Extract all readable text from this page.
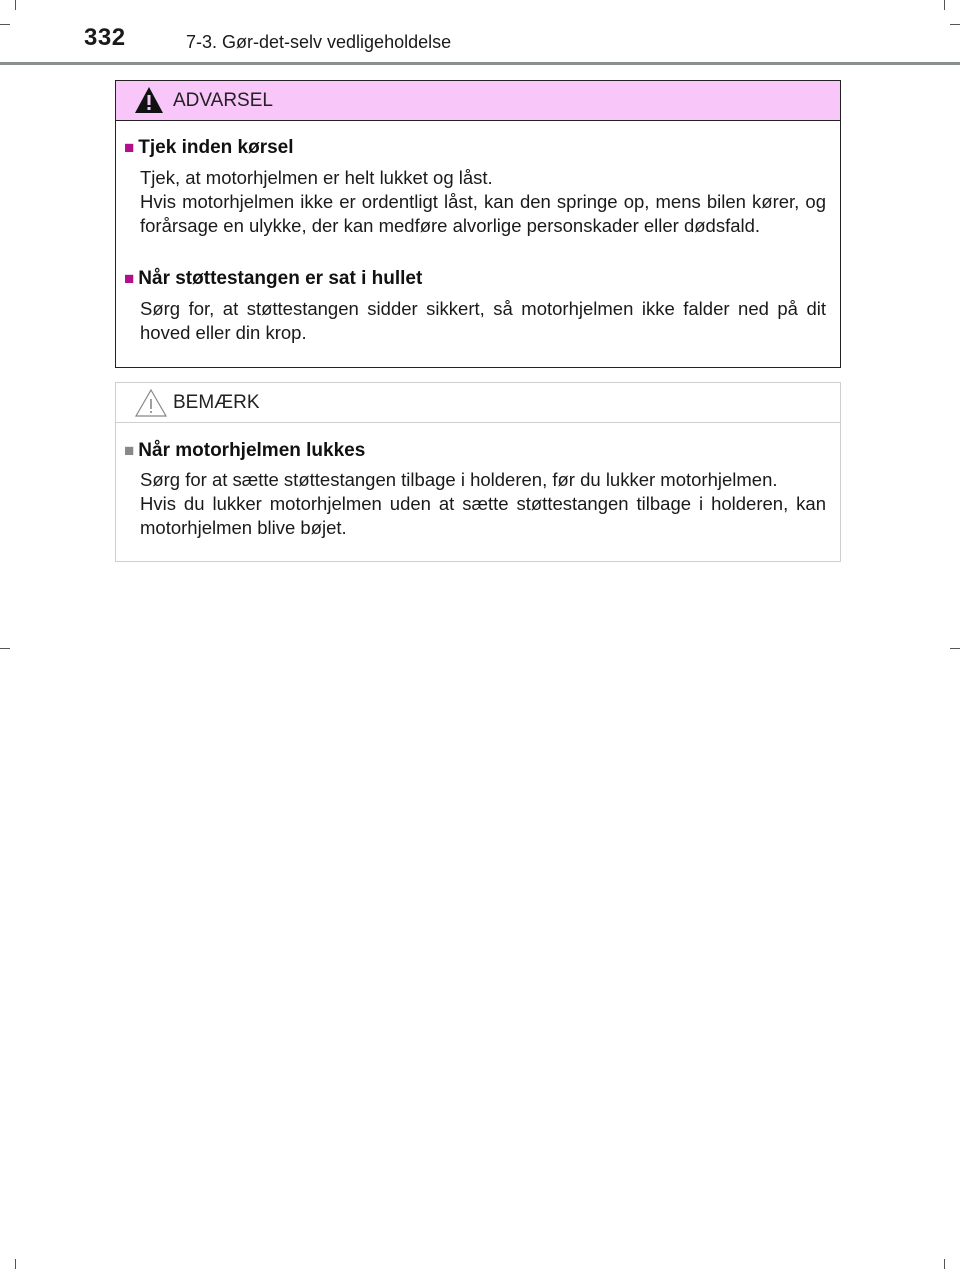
332	7-3. Gør-det-selv vedligeholdelse
ADVARSEL
■ Tjek inden kørsel
Tjek, at motorhjelmen er helt lukket og låst.
Hvis motorhjelmen ikke er ordentligt låst, kan den springe op, mens bilen kører, og forårsage en ulykke, der kan medføre alvorlige personskader eller dødsfald.
■ Når støttestangen er sat i hullet
Sørg for, at støttestangen sidder sikkert, så motorhjelmen ikke falder ned på dit hoved eller din krop.
BEMÆRK
■ Når motorhjelmen lukkes
Sørg for at sætte støttestangen tilbage i holderen, før du lukker motorhjelmen.
Hvis du lukker motorhjelmen uden at sætte støttestangen tilbage i holderen, kan motorhjelmen blive bøjet.
